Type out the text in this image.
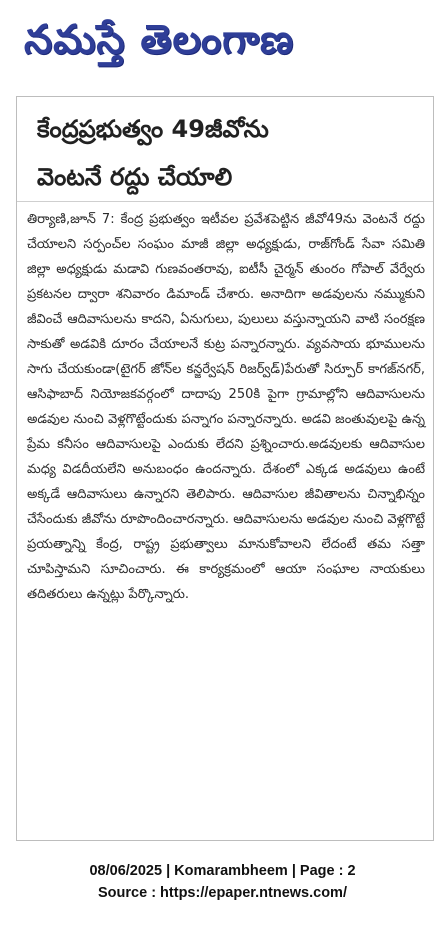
నమస్తే తెలంగాణ
కేంద్రప్రభుత్వం 49జీవోను
వెంటనే రద్దు చేయాలి
తిర్యాణి,జూన్ 7: కేంద్ర ప్రభుత్వం ఇటీవల ప్రవేశపెట్టిన జీవో49ను వెంటనే రద్దు చేయాలని సర్పంచ్‌ల సంఘం మాజీ జిల్లా అధ్యక్షుడు, రాజ్‌గోండ్ సేవా సమితి జిల్లా అధ్యక్షుడు మడావి గుణవంతరావు, ఐటీసీ చైర్మన్ తుంరం గోపాల్ వేర్వేరు ప్రకటనల ద్వారా శనివారం డిమాండ్ చేశారు. అనాదిగా అడవులను నమ్ముకుని జీవించే ఆదివాసులను కాదని, ఏనుగులు, పులులు వస్తున్నాయని వాటి సంరక్షణ సాకుతో అడవికి దూరం చేయాలనే కుట్ర పన్నారన్నారు. వ్యవసాయ భూములను సాగు చేయకుండా(టైగర్ జోన్‌ల కన్జర్వేషన్ రిజర్వ్‌డ్)పేరుతో సిర్పూర్ కాగజ్‌నగర్, ఆసిఫాబాద్ నియోజకవర్గంలో దాదాపు 250కి పైగా గ్రామాల్లోని ఆదివాసులను అడవుల నుంచి వెళ్లగొట్టేందుకు పన్నాగం పన్నారన్నారు. అడవి జంతువులపై ఉన్న ప్రేమ కనీసం ఆదివాసులపై ఎందుకు లేదని ప్రశ్నించారు.అడవులకు ఆదివాసుల మధ్య విడదీయలేని అనుబంధం ఉందన్నారు. దేశంలో ఎక్కడ అడవులు ఉంటే అక్కడే ఆదివాసులు ఉన్నారని తెలిపారు. ఆదివాసుల జీవితాలను చిన్నాభిన్నం చేసేందుకు జీవోను రూపొందించారన్నారు. ఆదివాసులను అడవుల నుంచి వెళ్లగొట్టే ప్రయత్నాన్ని కేంద్ర, రాష్ట్ర ప్రభుత్వాలు మానుకోవాలని లేదంటే తమ సత్తా చూపిస్తామని సూచించారు. ఈ కార్యక్రమంలో ఆయా సంఘాల నాయకులు తదితరులు ఉన్నట్లు పేర్కొన్నారు.
08/06/2025 | Komarambheem | Page : 2
Source : https://epaper.ntnews.com/
